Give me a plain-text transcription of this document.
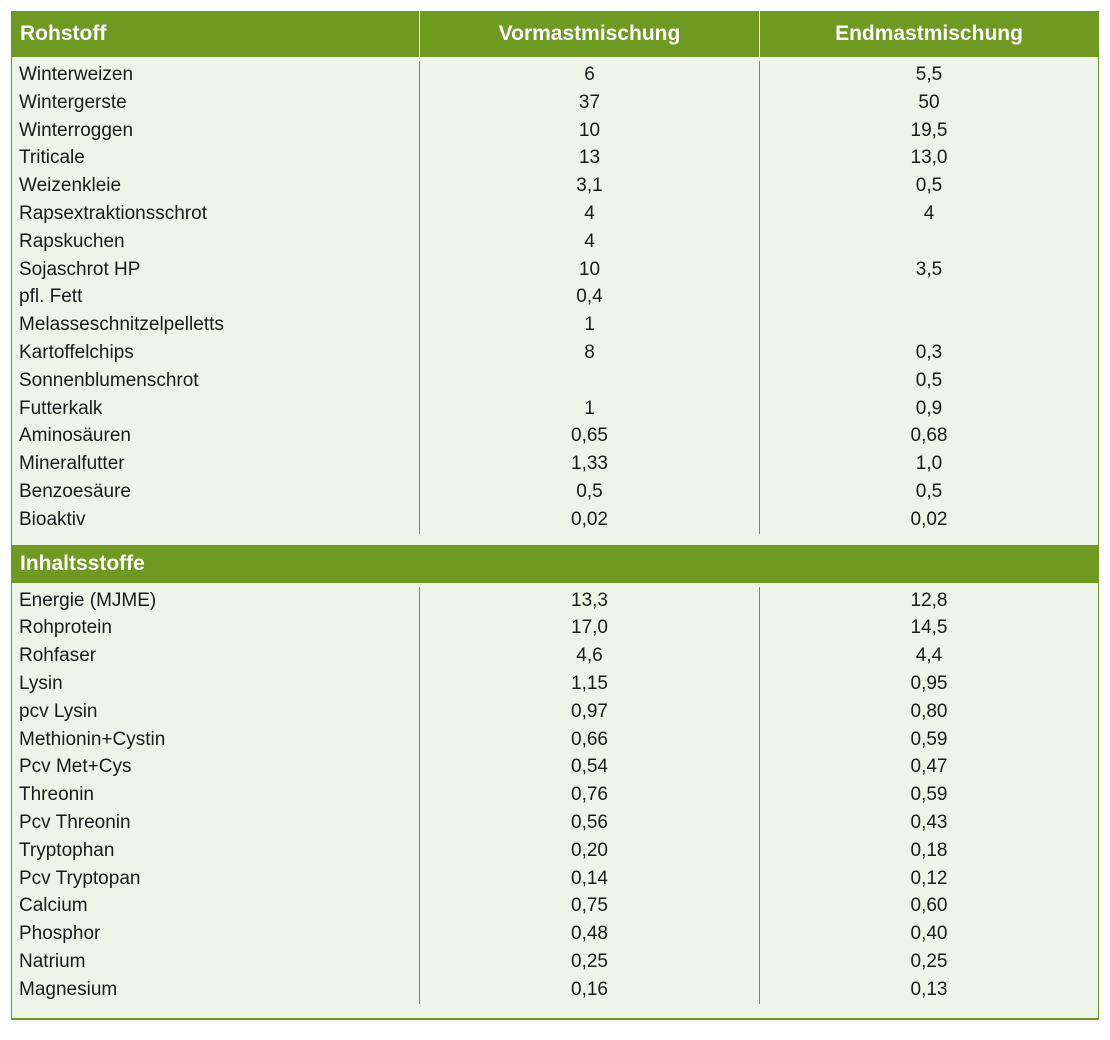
Rohstoff	Vormastmischung	Endmastmischung
Winterweizen
Wintergerste
Winterroggen
Triticale
Weizenkleie
Rapsextraktionsschrot
Rapskuchen
Sojaschrot HP
pfl. Fett
Melasseschnitzelpelletts
Kartoffelchips
Sonnenblumenschrot
Futterkalk
Aminosäuren
Mineralfutter
Benzoesäure
Bioaktiv
6
37
10
13
3,1
4
4
10
0,4
1
8
1
0,65
1,33
0,5
0,02
5,5
50
19,5
13,0
0,5
4
3,5
0,3
0,5
0,9
0,68
1,0
0,5
0,02
Inhaltsstoffe
Energie (MJME)
Rohprotein
Rohfaser
Lysin
pcv Lysin
Methionin+Cystin
Pcv Met+Cys
Threonin
Pcv Threonin
Tryptophan
Pcv Tryptopan
Calcium
Phosphor
Natrium
Magnesium
13,3
17,0
4,6
1,15
0,97
0,66
0,54
0,76
0,56
0,20
0,14
0,75
0,48
0,25
0,16
12,8
14,5
4,4
0,95
0,80
0,59
0,47
0,59
0,43
0,18
0,12
0,60
0,40
0,25
0,13
